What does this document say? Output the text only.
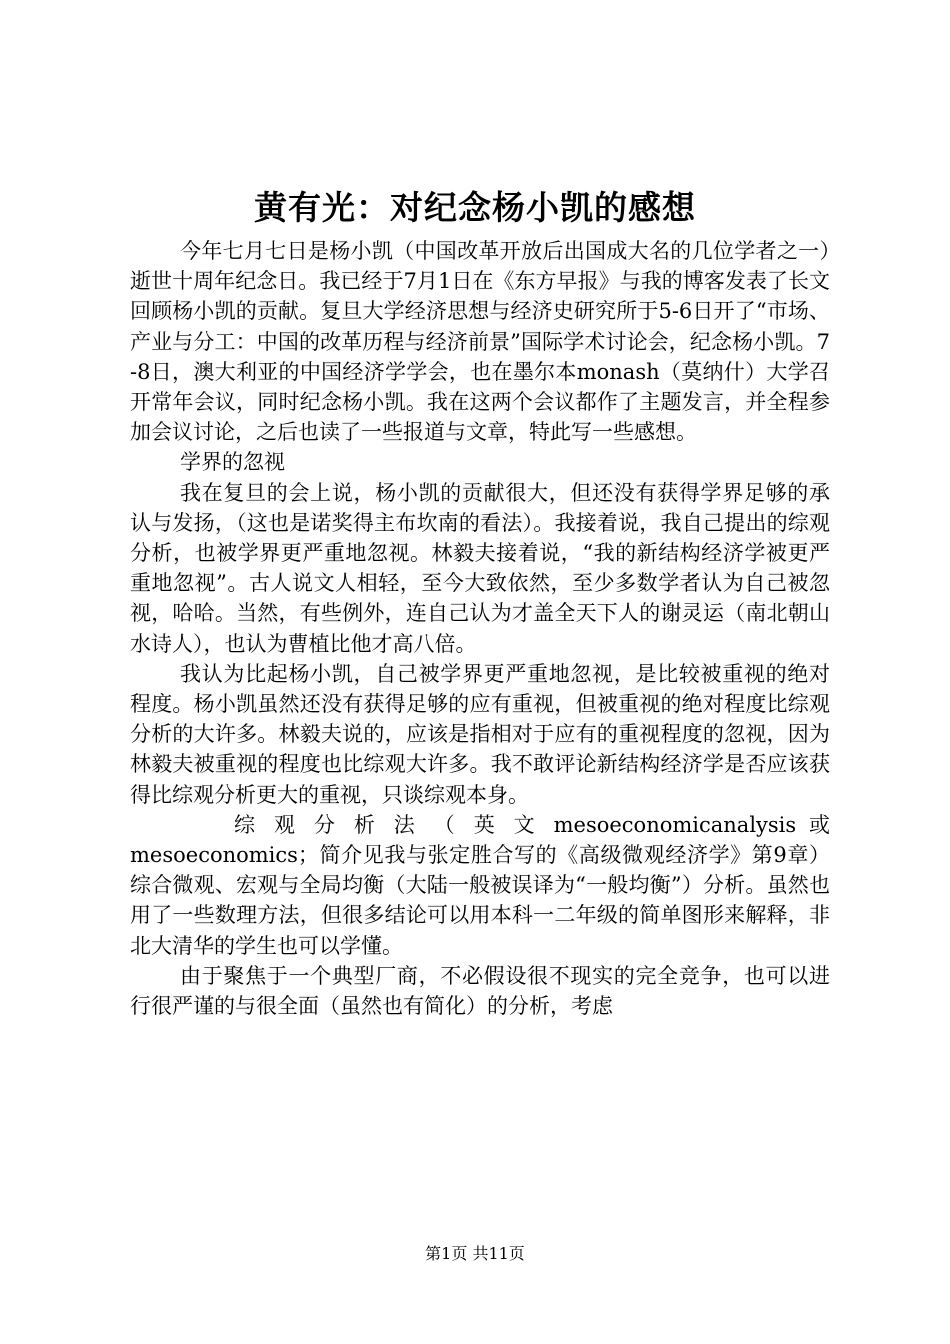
黄有光：对纪念杨小凯的感想

今年七月七日是杨小凯（中国改革开放后出国成大名的几位学者之一）逝世十周年纪念日。我已经于7月1日在《东方早报》与我的博客发表了长文回顾杨小凯的贡献。复旦大学经济思想与经济史研究所于5-6日开了“市场、产业与分工：中国的改革历程与经济前景”国际学术讨论会，纪念杨小凯。7-8日，澳大利亚的中国经济学学会，也在墨尔本monash（莫纳什）大学召开常年会议，同时纪念杨小凯。我在这两个会议都作了主题发言，并全程参加会议讨论，之后也读了一些报道与文章，特此写一些感想。

学界的忽视

我在复旦的会上说，杨小凯的贡献很大，但还没有获得学界足够的承认与发扬，（这也是诺奖得主布坎南的看法）。我接着说，我自己提出的综观分析，也被学界更严重地忽视。林毅夫接着说，“我的新结构经济学被更严重地忽视”。古人说文人相轻，至今大致依然，至少多数学者认为自己被忽视，哈哈。当然，有些例外，连自己认为才盖全天下人的谢灵运（南北朝山水诗人），也认为曹植比他才高八倍。

我认为比起杨小凯，自己被学界更严重地忽视，是比较被重视的绝对程度。杨小凯虽然还没有获得足够的应有重视，但被重视的绝对程度比综观分析的大许多。林毅夫说的，应该是指相对于应有的重视程度的忽视，因为林毅夫被重视的程度也比综观大许多。我不敢评论新结构经济学是否应该获得比综观分析更大的重视，只谈综观本身。

综 观 分 析 法 （ 英 文 mesoeconomicanalysis 或 mesoeconomics；简介见我与张定胜合写的《高级微观经济学》第9章）综合微观、宏观与全局均衡（大陆一般被误译为“一般均衡”）分析。虽然也用了一些数理方法，但很多结论可以用本科一二年级的简单图形来解释，非北大清华的学生也可以学懂。

由于聚焦于一个典型厂商，不必假设很不现实的完全竞争，也可以进行很严谨的与很全面（虽然也有简化）的分析，考虑

第1页 共11页
